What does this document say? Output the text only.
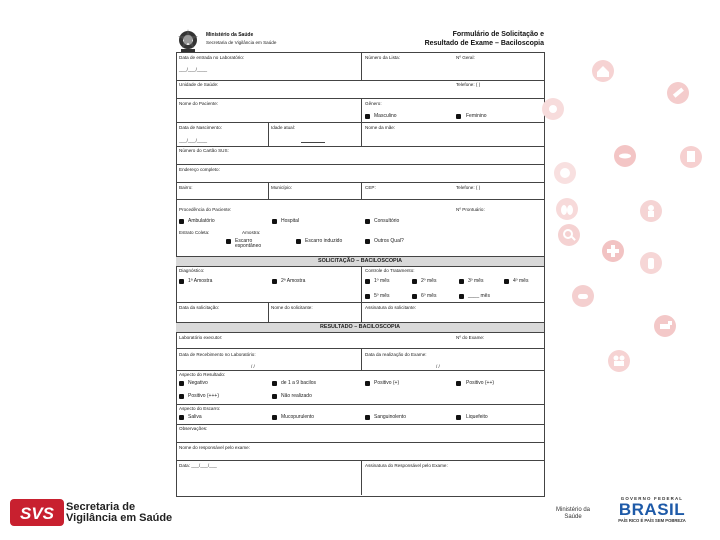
Ministério da Saúde
Secretaria de Vigilância em Saúde
Formulário de Solicitação e
Resultado de Exame – Baciloscopia
Data de entrada no Laboratório:
___/___/____
Número da Lista:	Nº Geral:
Unidade de Saúde:	Telefone: ( )
Nome do Paciente:	Gênero:
Masculino	Feminino
Data de Nascimento:
___/___/____
Idade atual:	Nome da mãe:
Número do Cartão SUS:
Endereço completo:
Bairro:	Município:	CEP:	Telefone: ( )
Procedência do Paciente:	Nº Prontuário:
Ambulatório	Hospital	Consultório
Estrato Coleta:	Amostra:
Escarro espontâneo
Escarro induzido	Outros Qual?
SOLICITAÇÃO – BACILOSCOPIA
Diagnóstico:	Controle do Tratamento:
1ª Amostra	2ª Amostra	1º mês	2º mês	3º mês	4º mês
5º mês	6º mês	____ mês
Data da solicitação:	Nome do solicitante:	Assinatura do solicitante:
RESULTADO – BACILOSCOPIA
Laboratório executor:	Nº do Exame:
Data de Recebimento no Laboratório:
/ /
Data da realização do Exame:
/ /
Aspecto do Resultado:
Negativo	de 1 a 9 bacilos	Positivo (+)	Positivo (++)
Positivo (+++)	Não realizado
Aspecto do Escarro:
Saliva	Mucopurulento	Sanguinolento	Liquefeito
Observações:
Nome do responsável pelo exame:
Data: ___/___/___	Assinatura do Responsável pelo Exame:
SVS Secretaria de
Vigilância em Saúde
Ministério da
Saúde
GOVERNO FEDERAL
BRASIL
PAÍS RICO É PAÍS SEM POBREZA
